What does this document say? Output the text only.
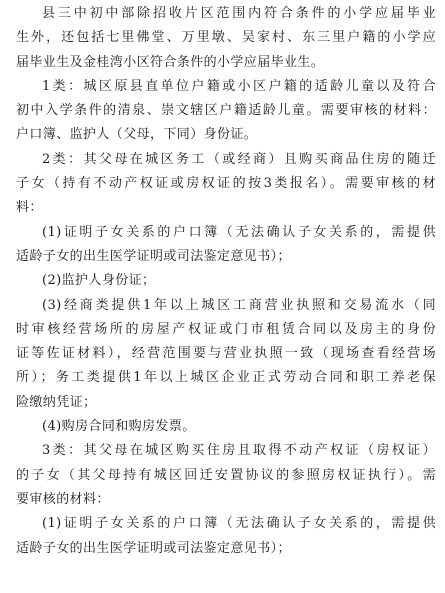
县三中初中部除招收片区范围内符合条件的小学应届毕业
生外，还包括七里佛堂、万里墩、吴家村、东三里户籍的小学应
届毕业生及金桂湾小区符合条件的小学应届毕业生。
1类：城区原县直单位户籍或小区户籍的适龄儿童以及符合
初中入学条件的清泉、崇文辖区户籍适龄儿童。需要审核的材料：
户口簿、监护人（父母，下同）身份证。
2类：其父母在城区务工（或经商）且购买商品住房的随迁
子女（持有不动产权证或房权证的按3类报名）。需要审核的材
料：
(1)证明子女关系的户口簿（无法确认子女关系的，需提供
适龄子女的出生医学证明或司法鉴定意见书）；
(2)监护人身份证；
(3)经商类提供1年以上城区工商营业执照和交易流水（同
时审核经营场所的房屋产权证或门市租赁合同以及房主的身份
证等佐证材料），经营范围要与营业执照一致（现场查看经营场
所）；务工类提供1年以上城区企业正式劳动合同和职工养老保
险缴纳凭证；
(4)购房合同和购房发票。
3类：其父母在城区购买住房且取得不动产权证（房权证）
的子女（其父母持有城区回迁安置协议的参照房权证执行）。需
要审核的材料：
(1)证明子女关系的户口簿（无法确认子女关系的，需提供
适龄子女的出生医学证明或司法鉴定意见书）；
